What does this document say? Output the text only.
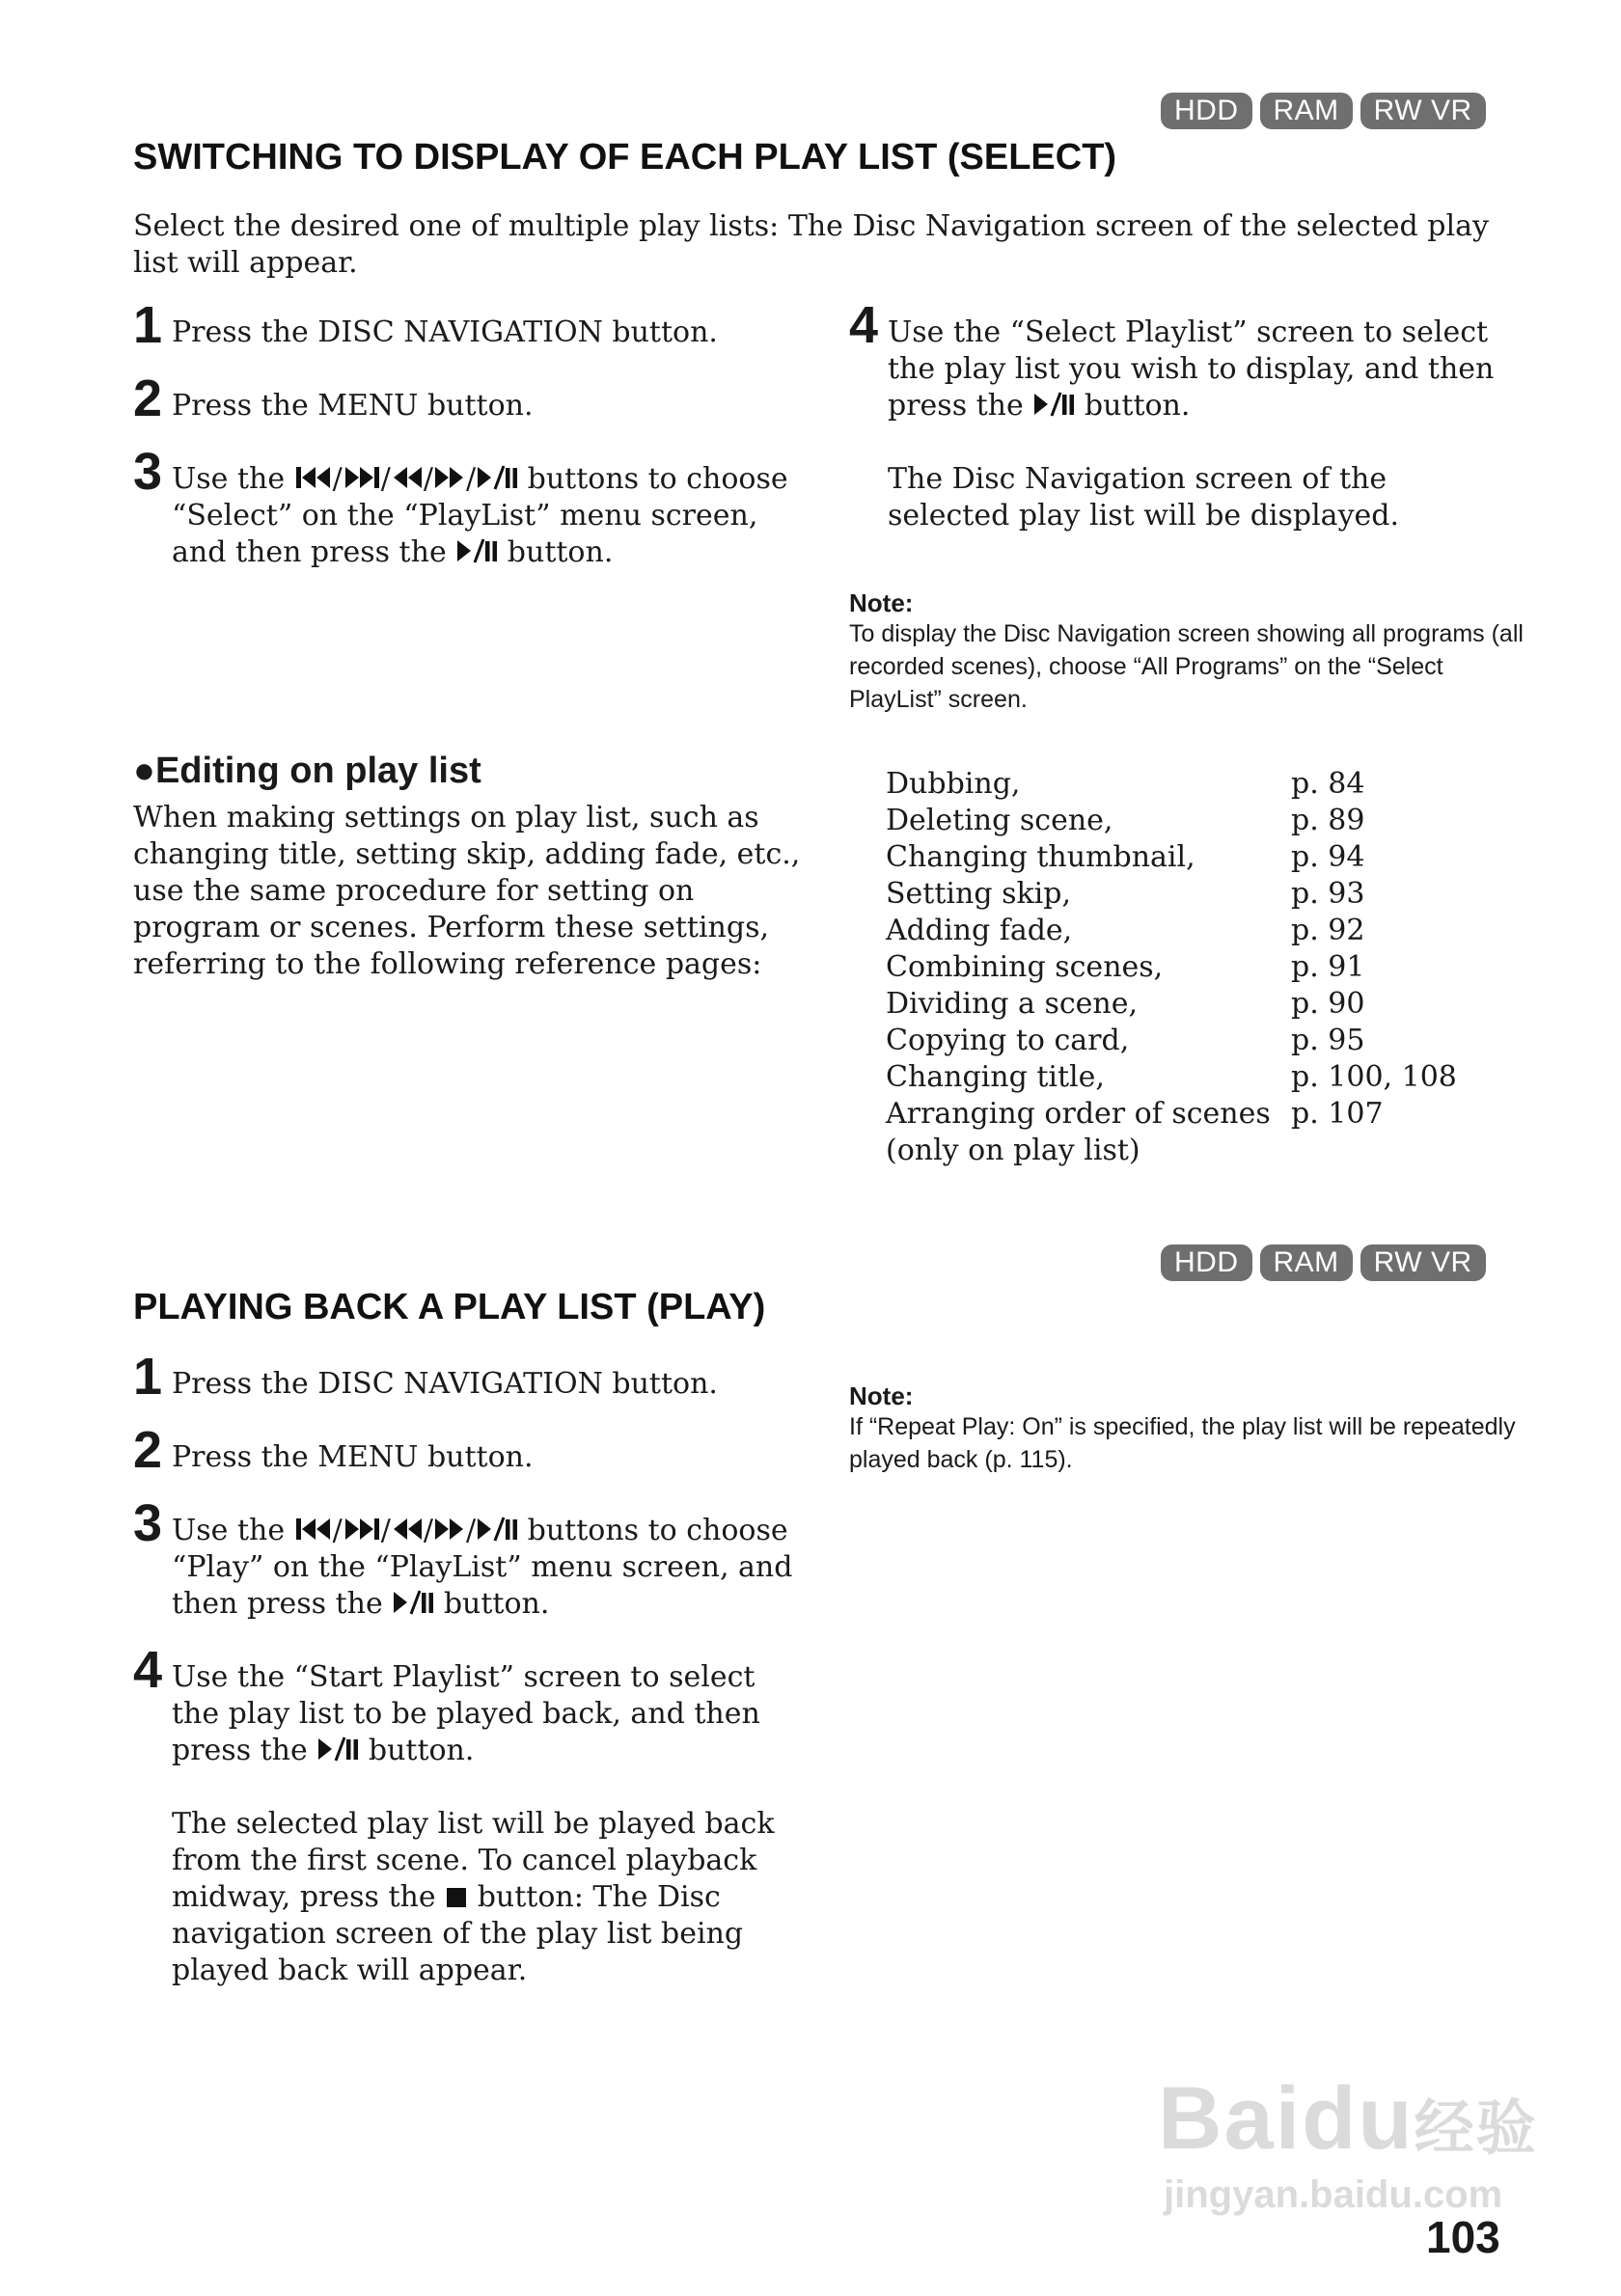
HDD	RAM	RW VR
SWITCHING TO DISPLAY OF EACH PLAY LIST (SELECT)

Select the desired one of multiple play lists: The Disc Navigation screen of the selected play list will appear.

1 Press the DISC NAVIGATION button.
2 Press the MENU button.
3 Use the / / / / buttons to choose “Select” on the “PlayList” menu screen, and then press the button.
4 Use the “Select Playlist” screen to select the play list you wish to display, and then press the button.
The Disc Navigation screen of the selected play list will be displayed.

Note:

To display the Disc Navigation screen showing all programs (all recorded scenes), choose “All Programs” on the “Select PlayList” screen.

●Editing on play list

When making settings on play list, such as changing title, setting skip, adding fade, etc., use the same procedure for setting on program or scenes. Perform these settings, referring to the following reference pages:

Dubbing,	p. 84
Deleting scene,	p. 89
Changing thumbnail,	p. 94
Setting skip,	p. 93
Adding fade,	p. 92
Combining scenes,	p. 91
Dividing a scene,	p. 90
Copying to card,	p. 95
Changing title,	p. 100, 108
Arranging order of scenes p. 107
(only on play list)
HDD	RAM	RW VR
PLAYING BACK A PLAY LIST (PLAY)
1 Press the DISC NAVIGATION button.
2 Press the MENU button.
3 Use the / / / / buttons to choose “Play” on the “PlayList” menu screen, and then press the button.
4 Use the “Start Playlist” screen to select the play list to be played back, and then press the button.
The selected play list will be played back from the first scene. To cancel playback midway, press the button: The Disc navigation screen of the play list being played back will appear.

Note:

If “Repeat Play: On” is specified, the play list will be repeatedly played back (p. 115).

Baidu经验
jingyan.baidu.com
103
